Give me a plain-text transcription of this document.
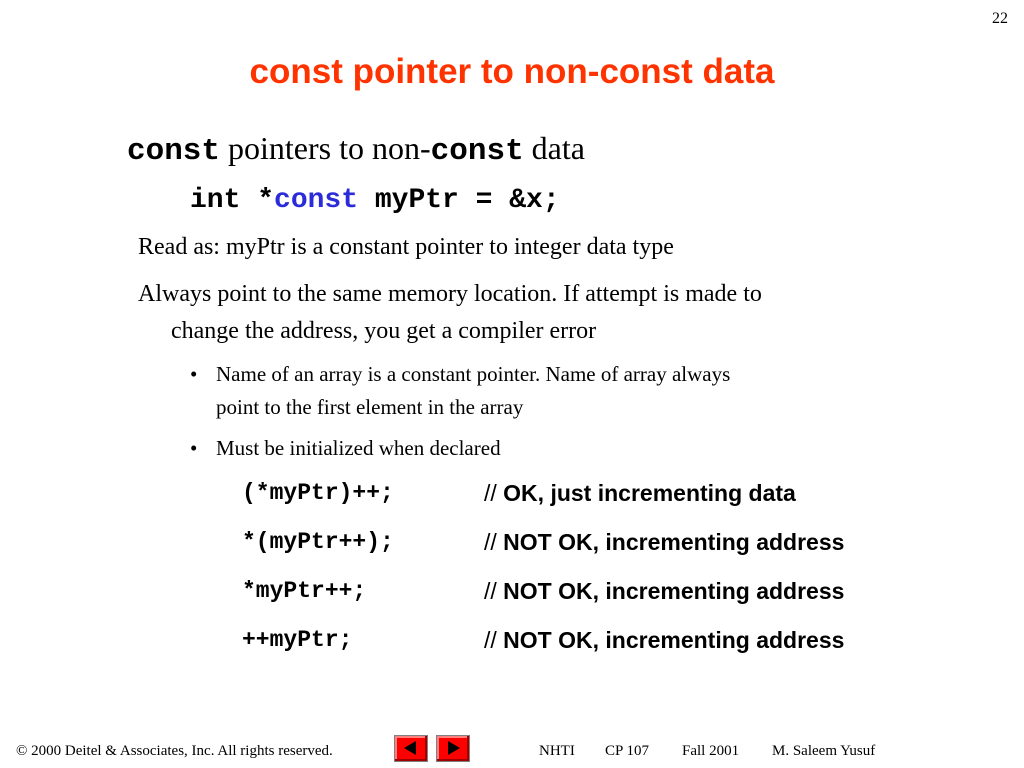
22
const pointer to non-const data
const pointers to non-const data
int *const myPtr = &x;
Read as: myPtr is a constant pointer to integer data type
Always point to the same memory location. If attempt is made to
change the address, you get a compiler error
• Name of an array is a constant pointer. Name of array always
point to the first element in the array
• Must be initialized when declared
(*myPtr)++;	// OK, just incrementing data
*(myPtr++);	// NOT OK, incrementing address
*myPtr++;	// NOT OK, incrementing address
++myPtr;	// NOT OK, incrementing address
© 2000 Deitel & Associates, Inc. All rights reserved.	NHTI CP 107 Fall 2001 M. Saleem Yusuf
